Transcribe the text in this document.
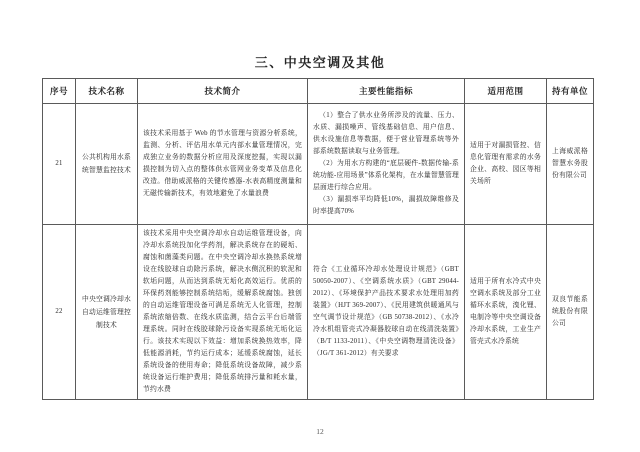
三、中央空调及其他
序号	技术名称	技术简介	主要性能指标	适用范围	持有单位
21	公共机构用水系统智慧监控技术	该技术采用基于 Web 的节水管理与资源分析系统，监测、分析、评估用水单元内部水量管理情况，完成独立业务的数据分析应用及深度挖掘，实现以漏损控制为切入点的整体供水管网业务变革及信息化改造。借助威派格的关键传感器-水表高精度测量和无磁传输新技术，有效地避免了水量浪费	（1）整合了供水业务所涉及的流量、压力、水质、漏损噪声、管线基础信息、用户信息、供水设施信息等数据，便于营业管理系统等外部系统数据读取与业务管理。

（2）为用水方构建的“底层硬件-数据传输-系统功能-应用场景”体系化架构，在水量智慧管理层面进行综合应用。

（3）漏损率平均降低10%，漏损故障维修及时率提高70%	适用于对漏损管控、信息化管理有需求的水务企业、高校、园区等相关场所	上海威派格智慧水务股份有限公司

22	中央空调冷却水自动运维管理控制技术	该技术采用中央空调冷却水自动运维管理设备，向冷却水系统投加化学药剂，解决系统存在的硬垢、腐蚀和菌藻类问题。在中央空调冷却水换热系统增设在线胶球自动除污系统，解决水侧沉积的软泥和软垢问题，从而达到系统无垢化高效运行。优质的环保药剂能够控制系统结垢，缓解系统腐蚀。独创的自动运维管理设备可满足系统无人化管理，控制系统浓缩倍数、在线水质监测，结合云平台后端管理系统。同时在线胶球除污设备实现系统无垢化运行。该技术实现以下效益：增加系统换热效率，降低能源消耗，节约运行成本；延缓系统腐蚀，延长系统设备的使用寿命；降低系统设备故障，减少系统设备运行维护费用；降低系统排污量和耗水量，节约水费	符合《工业循环冷却水处理设计规范》（GBT 50050-2007）、《空调系统水质》（GBT 29044-2012）、《环境保护产品技术要求水处理用加药装置》（HJT 369-2007）、《民用建筑供暖通风与空气调节设计规范》（GB 50738-2012）、《水冷冷水机组管壳式冷凝器胶球自动在线清洗装置》（B/T 1133-2011）、《中央空调物理清洗设备》（JG/T 361-2012）有关要求	适用于所有水冷式中央空调水系统及部分工业循环水系统，溴化锂、电制冷等中央空调设备冷却水系统，工业生产管壳式水冷系统	双良节能系统股份有限公司

12
